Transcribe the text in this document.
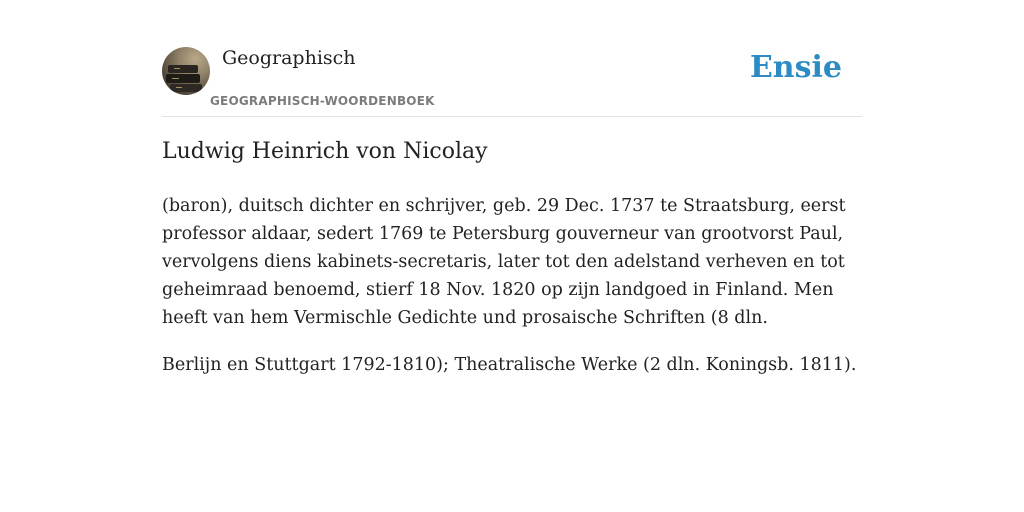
Geographisch
GEOGRAPHISCH-WOORDENBOEK
Ensie
Ludwig Heinrich von Nicolay

(baron), duitsch dichter en schrijver, geb. 29 Dec. 1737 te Straatsburg, eerst professor aldaar, sedert 1769 te Petersburg gouverneur van grootvorst Paul, vervolgens diens kabinets-secretaris, later tot den adelstand verheven en tot geheimraad benoemd, stierf 18 Nov. 1820 op zijn landgoed in Finland. Men heeft van hem Vermischle Gedichte und prosaische Schriften (8 dln.

Berlijn en Stuttgart 1792-1810); Theatralische Werke (2 dln. Koningsb. 1811).
